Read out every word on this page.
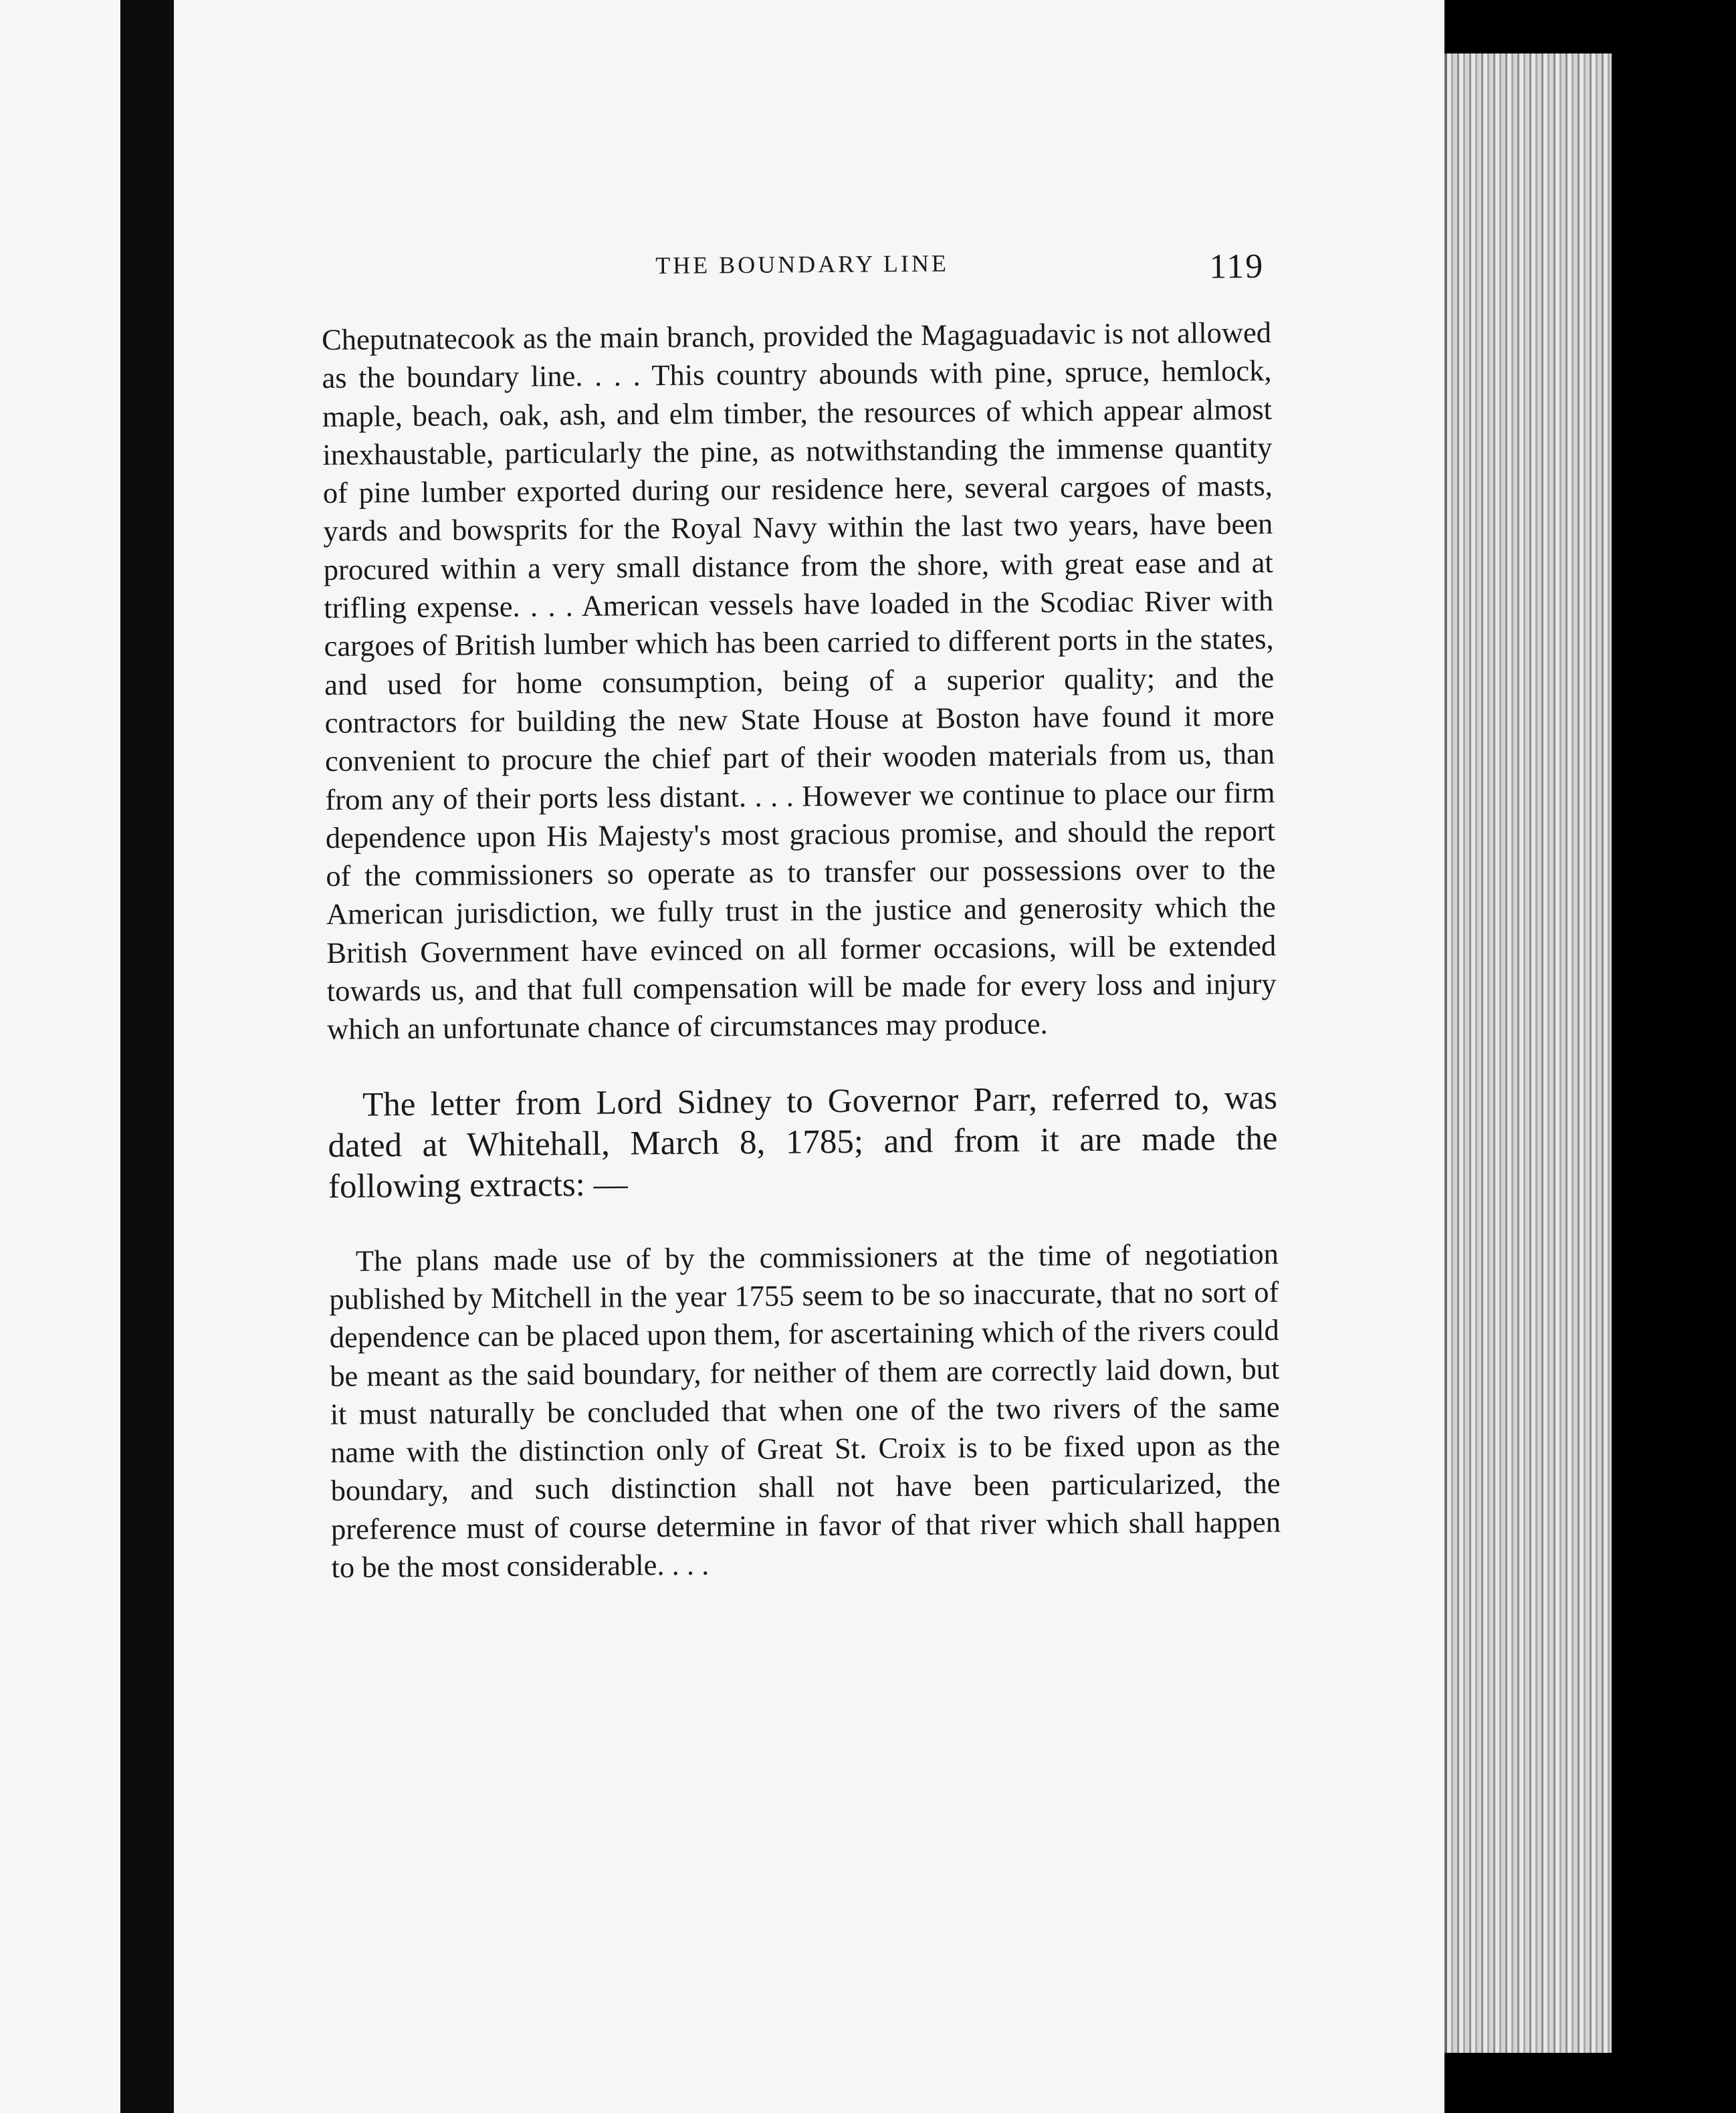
THE BOUNDARY LINE	119

Cheputnatecook as the main branch, provided the Magaguadavic is not allowed as the boundary line. . . . This country abounds with pine, spruce, hemlock, maple, beach, oak, ash, and elm timber, the resources of which appear almost inexhaustable, particularly the pine, as notwithstanding the immense quantity of pine lumber exported during our residence here, several cargoes of masts, yards and bowsprits for the Royal Navy within the last two years, have been procured within a very small distance from the shore, with great ease and at trifling expense. . . . American vessels have loaded in the Scodiac River with cargoes of British lumber which has been carried to different ports in the states, and used for home consumption, being of a superior quality; and the contractors for building the new State House at Boston have found it more convenient to procure the chief part of their wooden materials from us, than from any of their ports less distant. . . . However we continue to place our firm dependence upon His Majesty's most gracious promise, and should the report of the commissioners so operate as to transfer our possessions over to the American jurisdiction, we fully trust in the justice and generosity which the British Government have evinced on all former occasions, will be extended towards us, and that full compensation will be made for every loss and injury which an unfortunate chance of circumstances may produce.

The letter from Lord Sidney to Governor Parr, referred to, was dated at Whitehall, March 8, 1785; and from it are made the following extracts: —

The plans made use of by the commissioners at the time of negotiation published by Mitchell in the year 1755 seem to be so inaccurate, that no sort of dependence can be placed upon them, for ascertaining which of the rivers could be meant as the said boundary, for neither of them are correctly laid down, but it must naturally be concluded that when one of the two rivers of the same name with the distinction only of Great St. Croix is to be fixed upon as the boundary, and such distinction shall not have been particularized, the preference must of course determine in favor of that river which shall happen to be the most considerable. . . .
